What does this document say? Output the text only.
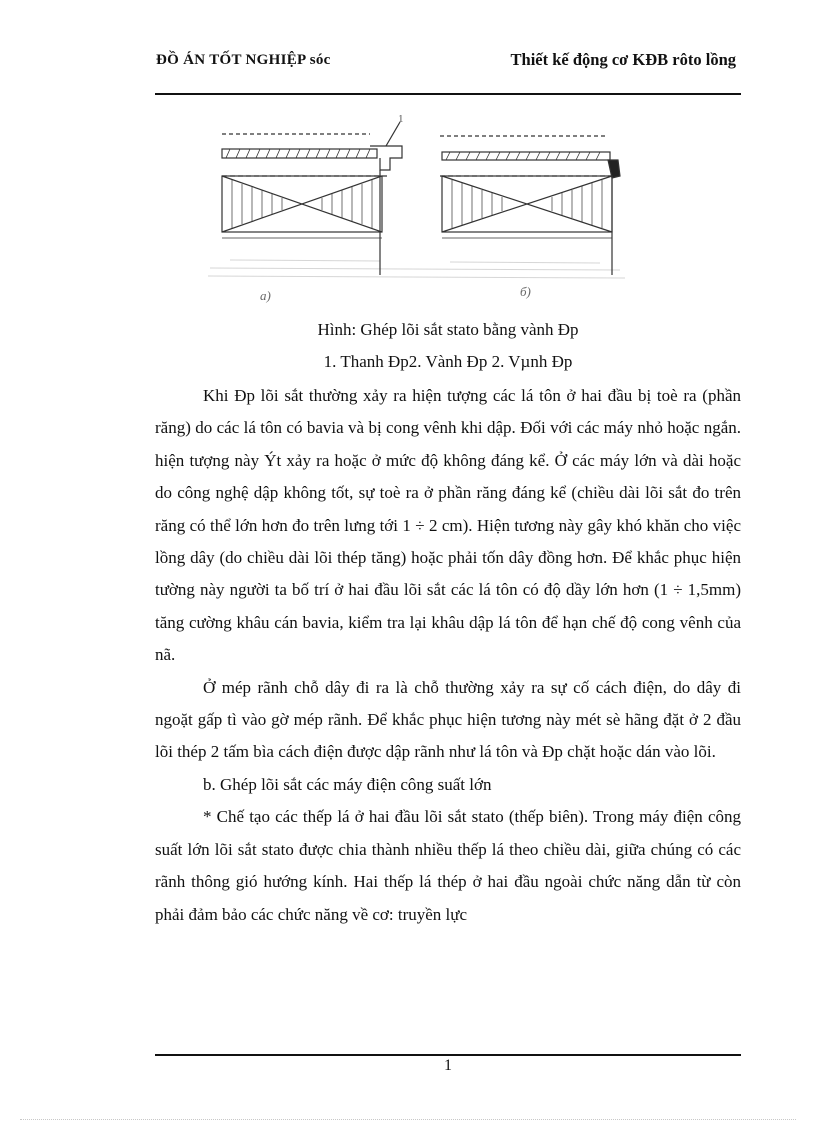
ĐỒ ÁN TỐT NGHIỆP sóc	Thiết kế động cơ KĐB rôto lồng
1
a)	б)
Hình: Ghép lõi sắt stato bằng vành Đp
1. Thanh Đp2. Vành Đp 2. Vµnh Đp

Khi Đp lõi sắt thường xảy ra hiện tượng các lá tôn ở hai đầu bị toè ra (phần răng) do các lá tôn có bavia và bị cong vênh khi dập. Đối với các máy nhỏ hoặc ngắn. hiện tượng này Ýt xảy ra hoặc ở mức độ không đáng kể. Ở các máy lớn và dài hoặc do công nghệ dập không tốt, sự toè ra ở phần răng đáng kể (chiều dài lõi sắt đo trên răng có thể lớn hơn đo trên lưng tới 1 ÷ 2 cm). Hiện tương này gây khó khăn cho việc lồng dây (do chiều dài lõi thép tăng) hoặc phải tốn dây đồng hơn. Để khắc phục hiện tường này người ta bố trí ở hai đầu lõi sắt các lá tôn có độ dầy lớn hơn (1 ÷ 1,5mm) tăng cường khâu cán bavia, kiểm tra lại khâu dập lá tôn để hạn chế độ cong vênh của nã.

Ở mép rãnh chỗ dây đi ra là chỗ thường xảy ra sự cố cách điện, do dây đi ngoặt gấp tì vào gờ mép rãnh. Để khắc phục hiện tương này mét sè hãng đặt ở 2 đầu lõi thép 2 tấm bìa cách điện được dập rãnh như lá tôn và Đp chặt hoặc dán vào lõi.

b. Ghép lõi sắt các máy điện công suất lớn

* Chế tạo các thếp lá ở hai đầu lõi sắt stato (thếp biên). Trong máy điện công suất lớn lõi sắt stato được chia thành nhiều thếp lá theo chiều dài, giữa chúng có các rãnh thông gió hướng kính. Hai thếp lá thép ở hai đầu ngoài chức năng dẫn từ còn phải đảm bảo các chức năng về cơ: truyền lực

1
